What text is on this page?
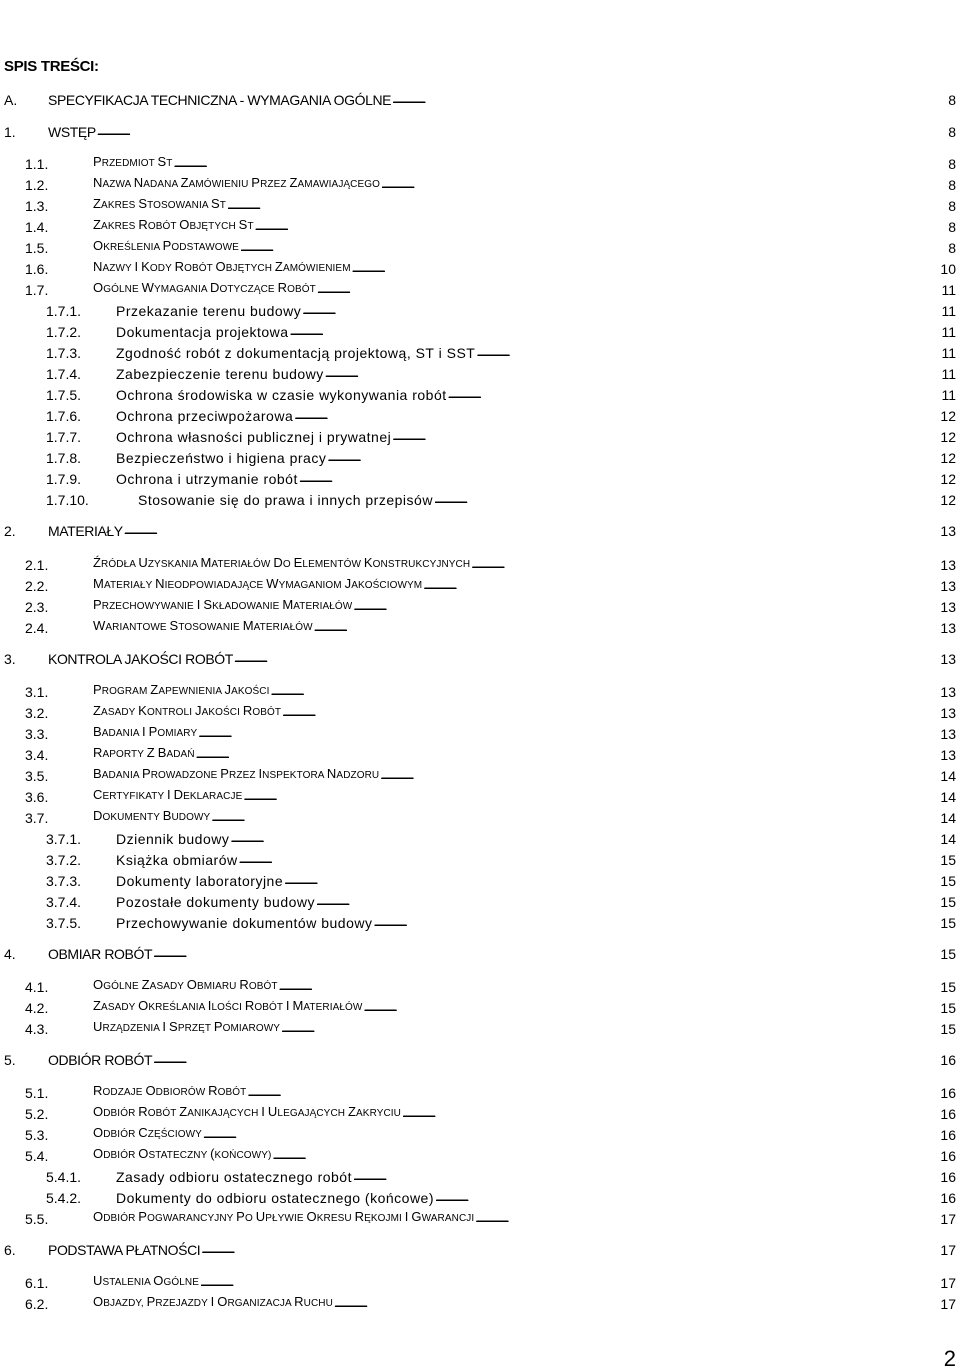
SPIS TREŚCI:
A.	SPECYFIKACJA TECHNICZNA - WYMAGANIA OGÓLNE . . .	8
1.	WSTĘP . . .	8
1.1.	PRZEDMIOT ST . . .	8
1.2.	NAZWA NADANA ZAMÓWIENIU PRZEZ ZAMAWIAJĄCEGO . . .	8
1.3.	ZAKRES STOSOWANIA ST . . .	8
1.4.	ZAKRES ROBÓT OBJĘTYCH ST . . .	8
1.5.	OKREŚLENIA PODSTAWOWE . . .	8
1.6.	NAZWY I KODY ROBÓT OBJĘTYCH ZAMÓWIENIEM . . .	10
1.7.	OGÓLNE WYMAGANIA DOTYCZĄCE ROBÓT . . .	11
1.7.1.	Przekazanie terenu budowy . . .	11
1.7.2.	Dokumentacja projektowa . . .	11
1.7.3.	Zgodność robót z dokumentacją projektową, ST i SST . . .	11
1.7.4.	Zabezpieczenie terenu budowy . . .	11
1.7.5.	Ochrona środowiska w czasie wykonywania robót . . .	11
1.7.6.	Ochrona przeciwpożarowa . . .	12
1.7.7.	Ochrona własności publicznej i prywatnej . . .	12
1.7.8.	Bezpieczeństwo i higiena pracy . . .	12
1.7.9.	Ochrona i utrzymanie robót . . .	12
1.7.10.	Stosowanie się do prawa i innych przepisów . . .	12
2.	MATERIAŁY . . .	13
2.1.	ŹRÓDŁA UZYSKANIA MATERIAŁÓW DO ELEMENTÓW KONSTRUKCYJNYCH . . .	13
2.2.	MATERIAŁY NIEODPOWIADAJĄCE WYMAGANIOM JAKOŚCIOWYM . . .	13
2.3.	PRZECHOWYWANIE I SKŁADOWANIE MATERIAŁÓW . . .	13
2.4.	WARIANTOWE STOSOWANIE MATERIAŁÓW . . .	13
3.	KONTROLA JAKOŚCI ROBÓT . . .	13
3.1.	PROGRAM ZAPEWNIENIA JAKOŚCI . . .	13
3.2.	ZASADY KONTROLI JAKOŚCI ROBÓT . . .	13
3.3.	BADANIA I POMIARY . . .	13
3.4.	RAPORTY Z BADAŃ . . .	13
3.5.	BADANIA PROWADZONE PRZEZ INSPEKTORA NADZORU . . .	14
3.6.	CERTYFIKATY I DEKLARACJE . . .	14
3.7.	DOKUMENTY BUDOWY . . .	14
3.7.1.	Dziennik budowy . . .	14
3.7.2.	Książka obmiarów . . .	15
3.7.3.	Dokumenty laboratoryjne . . .	15
3.7.4.	Pozostałe dokumenty budowy . . .	15
3.7.5.	Przechowywanie dokumentów budowy . . .	15
4.	OBMIAR ROBÓT . . .	15
4.1.	OGÓLNE ZASADY OBMIARU ROBÓT . . .	15
4.2.	ZASADY OKREŚLANIA ILOŚCI ROBÓT I MATERIAŁÓW . . .	15
4.3.	URZĄDZENIA I SPRZĘT POMIAROWY . . .	15
5.	ODBIÓR ROBÓT . . .	16
5.1.	RODZAJE ODBIORÓW ROBÓT . . .	16
5.2.	ODBIÓR ROBÓT ZANIKAJĄCYCH I ULEGAJĄCYCH ZAKRYCIU . . .	16
5.3.	ODBIÓR CZĘŚCIOWY . . .	16
5.4.	ODBIÓR OSTATECZNY (KOŃCOWY) . . .	16
5.4.1.	Zasady odbioru ostatecznego robót . . .	16
5.4.2.	Dokumenty do odbioru ostatecznego (końcowe) . . .	16
5.5.	ODBIÓR POGWARANCYJNY PO UPŁYWIE OKRESU RĘKOJMI I GWARANCJI . . .	17
6.	PODSTAWA PŁATNOŚCI . . .	17
6.1.	USTALENIA OGÓLNE . . .	17
6.2.	OBJAZDY, PRZEJAZDY I ORGANIZACJA RUCHU . . .	17
2
